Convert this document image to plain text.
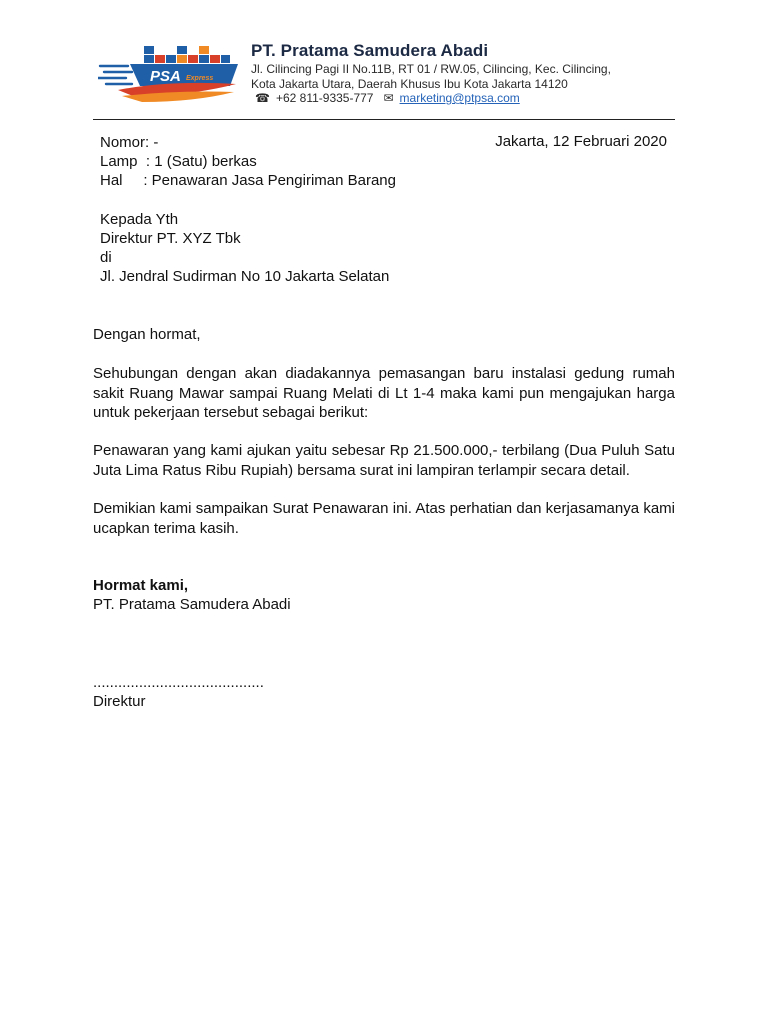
PSA Express
PT. Pratama Samudera Abadi
Jl. Cilincing Pagi II No.11B, RT 01 / RW.05, Cilincing, Kec. Cilincing,
Kota Jakarta Utara, Daerah Khusus Ibu Kota Jakarta 14120
☎ +62 811-9335-777 ✉ marketing@ptpsa.com
Nomor: -
Lamp  : 1 (Satu) berkas
Hal     : Penawaran Jasa Pengiriman Barang
Jakarta, 12 Februari 2020
Kepada Yth
Direktur PT. XYZ Tbk
di
Jl. Jendral Sudirman No 10 Jakarta Selatan
Dengan hormat,
Sehubungan dengan akan diadakannya pemasangan baru instalasi gedung rumah sakit Ruang Mawar sampai Ruang Melati di Lt 1-4 maka kami pun mengajukan harga untuk pekerjaan tersebut sebagai berikut:
Penawaran yang kami ajukan yaitu sebesar Rp 21.500.000,- terbilang (Dua Puluh Satu Juta Lima Ratus Ribu Rupiah) bersama surat ini lampiran terlampir secara detail.
Demikian kami sampaikan Surat Penawaran ini. Atas perhatian dan kerjasamanya kami ucapkan terima kasih.
Hormat kami,
PT. Pratama Samudera Abadi
.........................................
Direktur
